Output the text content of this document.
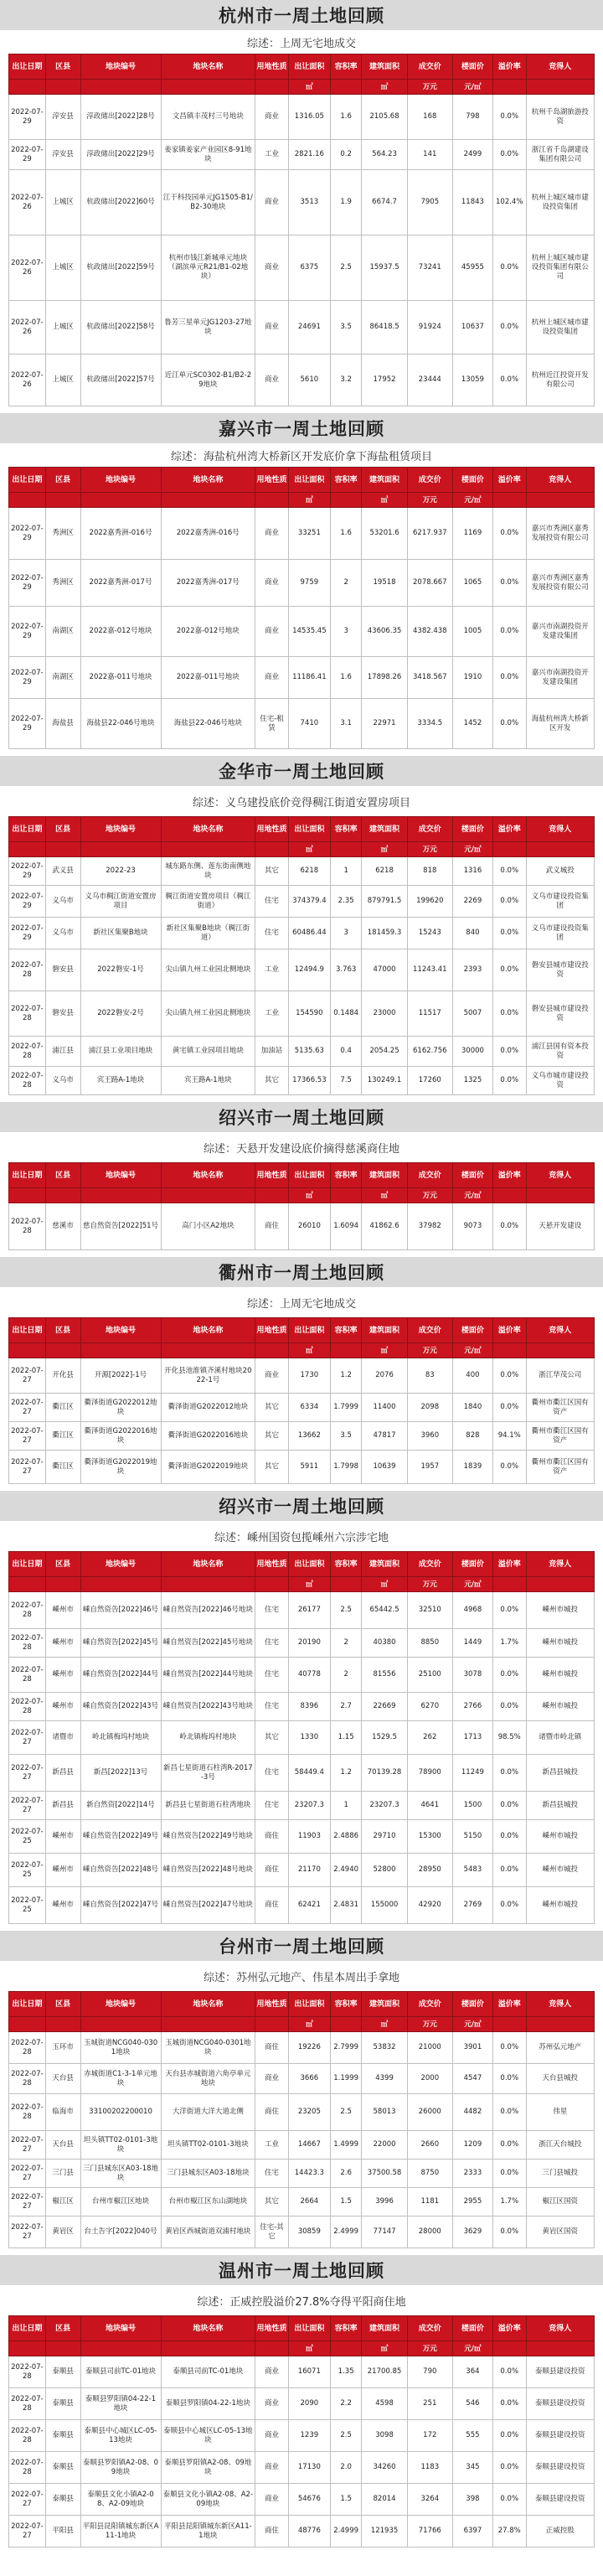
杭州市一周土地回顾
综述：上周无宅地成交
出让日期	区县	地块编号	地块名称	用地性质	出让面积	容积率	建筑面积	成交价	楼面价	溢价率	竞得人
					㎡		㎡	万元	元/㎡		
2022-07-29	淳安县	淳政储出[2022]28号	文昌镇丰茂村三号地块	商业	1316.05	1.6	2105.68	168	798	0.0%	杭州千岛湖旅游投资
2022-07-29	淳安县	淳政储出[2022]29号	姜家镇姜家产业园区8-91地块	工业	2821.16	0.2	564.23	141	2499	0.0%	浙江省千岛湖建设集团有限公司
2022-07-26	上城区	杭政储出[2022]60号	江干科技园单元JG1505-B1/B2-30地块	商业	3513	1.9	6674.7	7905	11843	102.4%	杭州上城区城市建设投资集团
2022-07-26	上城区	杭政储出[2022]59号	杭州市钱江新城单元地块（湖滨单元R21/B1-02地块）	商业	6375	2.5	15937.5	73241	45955	0.0%	杭州上城区城市建设投资集团有限公司
2022-07-26	上城区	杭政储出[2022]58号	鲁芳三星单元JG1203-27地块	商业	24691	3.5	86418.5	91924	10637	0.0%	杭州上城区城市建设投资集团
2022-07-26	上城区	杭政储出[2022]57号	近江单元SC0302-B1/B2-29地块	商业	5610	3.2	17952	23444	13059	0.0%	杭州近江投资开发有限公司
嘉兴市一周土地回顾
综述：海盐杭州湾大桥新区开发底价拿下海盐租赁项目
出让日期	区县	地块编号	地块名称	用地性质	出让面积	容积率	建筑面积	成交价	楼面价	溢价率	竞得人
					㎡		㎡	万元	元/㎡		
2022-07-29	秀洲区	2022嘉秀洲-016号	2022嘉秀洲-016号	商业	33251	1.6	53201.6	6217.937	1169	0.0%	嘉兴市秀洲区嘉秀发展投资有限公司
2022-07-29	秀洲区	2022嘉秀洲-017号	2022嘉秀洲-017号	商业	9759	2	19518	2078.667	1065	0.0%	嘉兴市秀洲区嘉秀发展投资有限公司
2022-07-29	南湖区	2022嘉-012号地块	2022嘉-012号地块	商业	14535.45	3	43606.35	4382.438	1005	0.0%	嘉兴市南湖投资开发建设集团
2022-07-29	南湖区	2022嘉-011号地块	2022嘉-011号地块	商业	11186.41	1.6	17898.26	3418.567	1910	0.0%	嘉兴市南湖投资开发建设集团
2022-07-29	海盐县	海盐县22-046号地块	海盐县22-046号地块	住宅-租赁	7410	3.1	22971	3334.5	1452	0.0%	海盐杭州湾大桥新区开发
金华市一周土地回顾
综述：义乌建投底价竞得稠江街道安置房项目
出让日期	区县	地块编号	地块名称	用地性质	出让面积	容积率	建筑面积	成交价	楼面价	溢价率	竞得人
					㎡		㎡	万元	元/㎡		
2022-07-29	武义县	2022-23	城东路东侧、莲东街南侧地块	其它	6218	1	6218	818	1316	0.0%	武义城投
2022-07-29	义乌市	义乌市稠江街道安置房项目	稠江街道安置房项目（稠江街道）	住宅	374379.4	2.35	879791.5	199620	2269	0.0%	义乌市建设投资集团
2022-07-29	义乌市	新社区集聚B地块	新社区集聚B地块（稠江街道）	住宅	60486.44	3	181459.3	15243	840	0.0%	义乌市建设投资集团
2022-07-28	磐安县	2022磐安-1号	尖山镇九州工业园北侧地块	工业	12494.9	3.763	47000	11243.41	2393	0.0%	磐安县城市建设投资
2022-07-28	磐安县	2022磐安-2号	尖山镇九州工业园北侧地块	工业	154590	0.1484	23000	11517	5007	0.0%	磐安县城市建设投资
2022-07-28	浦江县	浦江县工业项目地块	黄宅镇工业园项目地块	加油站	5135.63	0.4	2054.25	6162.756	30000	0.0%	浦江县国有资本投资
2022-07-28	义乌市	宾王路A-1地块	宾王路A-1地块	其它	17366.53	7.5	130249.1	17260	1325	0.0%	义乌市城市建设投资
绍兴市一周土地回顾
综述：天悬开发建设底价摘得慈溪商住地
出让日期	区县	地块编号	地块名称	用地性质	出让面积	容积率	建筑面积	成交价	楼面价	溢价率	竞得人
					㎡		㎡	万元	元/㎡		
2022-07-28	慈溪市	慈自然资告[2022]51号	高门小区A2地块	商住	26010	1.6094	41862.6	37982	9073	0.0%	天悬开发建设
衢州市一周土地回顾
综述：上周无宅地成交
出让日期	区县	地块编号	地块名称	用地性质	出让面积	容积率	建筑面积	成交价	楼面价	溢价率	竞得人
					㎡		㎡	万元	元/㎡		
2022-07-27	开化县	开源[2022]-1号	开化县池淮镇齐溪村地块2022-1号	商业	1730	1.2	2076	83	400	0.0%	浙江华茂公司
2022-07-27	衢江区	衢泽街道G2022012地块	衢泽街道G2022012地块	其它	6334	1.7999	11400	2098	1840	0.0%	衢州市衢江区国有资产
2022-07-27	衢江区	衢泽街道G2022016地块	衢泽街道G2022016地块	其它	13662	3.5	47817	3960	828	94.1%	衢州市衢江区国有资产
2022-07-27	衢江区	衢泽街道G2022019地块	衢泽街道G2022019地块	其它	5911	1.7998	10639	1957	1839	0.0%	衢州市衢江区国有资产
绍兴市一周土地回顾
综述：嵊州国资包揽嵊州六宗涉宅地
出让日期	区县	地块编号	地块名称	用地性质	出让面积	容积率	建筑面积	成交价	楼面价	溢价率	竞得人
					㎡		㎡	万元	元/㎡		
2022-07-28	嵊州市	嵊自然资告[2022]46号	嵊自然资告[2022]46号地块	住宅	26177	2.5	65442.5	32510	4968	0.0%	嵊州市城投
2022-07-28	嵊州市	嵊自然资告[2022]45号	嵊自然资告[2022]45号地块	住宅	20190	2	40380	8850	1449	1.7%	嵊州市城投
2022-07-28	嵊州市	嵊自然资告[2022]44号	嵊自然资告[2022]44号地块	住宅	40778	2	81556	25100	3078	0.0%	嵊州市城投
2022-07-28	嵊州市	嵊自然资告[2022]43号	嵊自然资告[2022]43号地块	住宅	8396	2.7	22669	6270	2766	0.0%	嵊州市城投
2022-07-27	诸暨市	岭北镇梅坞村地块	岭北镇梅坞村地块	其它	1330	1.15	1529.5	262	1713	98.5%	诸暨市岭北镇
2022-07-27	新昌县	新昌[2022]13号	新昌七星街道石柱湾R-2017-3号	住宅	58449.4	1.2	70139.28	78900	11249	0.0%	新昌县城投
2022-07-27	新昌县	新自然资[2022]14号	新昌县七星街道石柱湾地块	住宅	23207.3	1	23207.3	4641	1500	0.0%	新昌县城投
2022-07-25	嵊州市	嵊自然资告[2022]49号	嵊自然资告[2022]49号地块	商住	11903	2.4886	29710	15300	5150	0.0%	嵊州市城投
2022-07-25	嵊州市	嵊自然资告[2022]48号	嵊自然资告[2022]48号地块	商住	21170	2.4940	52800	28950	5483	0.0%	嵊州市城投
2022-07-25	嵊州市	嵊自然资告[2022]47号	嵊自然资告[2022]47号地块	商住	62421	2.4831	155000	42920	2769	0.0%	嵊州市城投
台州市一周土地回顾
综述：苏州弘元地产、伟星本周出手拿地
出让日期	区县	地块编号	地块名称	用地性质	出让面积	容积率	建筑面积	成交价	楼面价	溢价率	竞得人
					㎡		㎡	万元	元/㎡		
2022-07-28	玉环市	玉城街道NCG040-0301地块	玉城街道NCG040-0301地块	商住	19226	2.7999	53832	21000	3901	0.0%	苏州弘元地产
2022-07-28	天台县	赤城街道C1-3-1单元地块	天台县赤城街道六角亭单元地块	商业	3666	1.1999	4399	2000	4547	0.0%	天台县城投
2022-07-28	临海市	33100202200010	大洋街道大洋大道北侧	商住	23205	2.5	58013	26000	4482	0.0%	伟星
2022-07-27	天台县	坦头镇TT02-0101-3地块	坦头镇TT02-0101-3地块	工业	14667	1.4999	22000	2660	1209	0.0%	浙江天台城投
2022-07-27	三门县	三门县城东区A03-18地块	三门县城东区A03-18地块	住宅	14423.3	2.6	37500.58	8750	2333	0.0%	三门县城投
2022-07-27	椒江区	台州市椒江区地块	台州市椒江区东山湖地块	其它	2664	1.5	3996	1181	2955	1.7%	椒江区国资
2022-07-27	黄岩区	台土告字[2022]040号	黄岩区西城街道双浦村地块	住宅-其它	30859	2.4999	77147	28000	3629	0.0%	黄岩区国资
温州市一周土地回顾
综述：正威控股溢价27.8%夺得平阳商住地
出让日期	区县	地块编号	地块名称	用地性质	出让面积	容积率	建筑面积	成交价	楼面价	溢价率	竞得人
					㎡		㎡	万元	元/㎡		
2022-07-28	泰顺县	泰顺县司前TC-01地块	泰顺县司前TC-01地块	商业	16071	1.35	21700.85	790	364	0.0%	泰顺县建设投资
2022-07-28	泰顺县	泰顺县罗阳镇04-22-1地块	泰顺县罗阳镇04-22-1地块	商业	2090	2.2	4598	251	546	0.0%	泰顺县建设投资
2022-07-28	泰顺县	泰顺县中心城区LC-05-13地块	泰顺县中心城区LC-05-13地块	商业	1239	2.5	3098	172	555	0.0%	泰顺县建设投资
2022-07-28	泰顺县	泰顺县罗阳镇A2-08、09地块	泰顺县罗阳镇A2-08、09地块	商业	17130	2.0	34260	1183	345	0.0%	泰顺县建设投资
2022-07-27	泰顺县	泰顺县文化小镇A2-08、A2-09地块	泰顺县文化小镇A2-08、A2-09地块	商业	54676	1.5	82014	3264	398	0.0%	泰顺县建设投资
2022-07-27	平阳县	平阳县昆阳镇城东新区A11-1地块	平阳县昆阳镇城东新区A11-1地块	商住	48776	2.4999	121935	71766	6397	27.8%	正威控股
